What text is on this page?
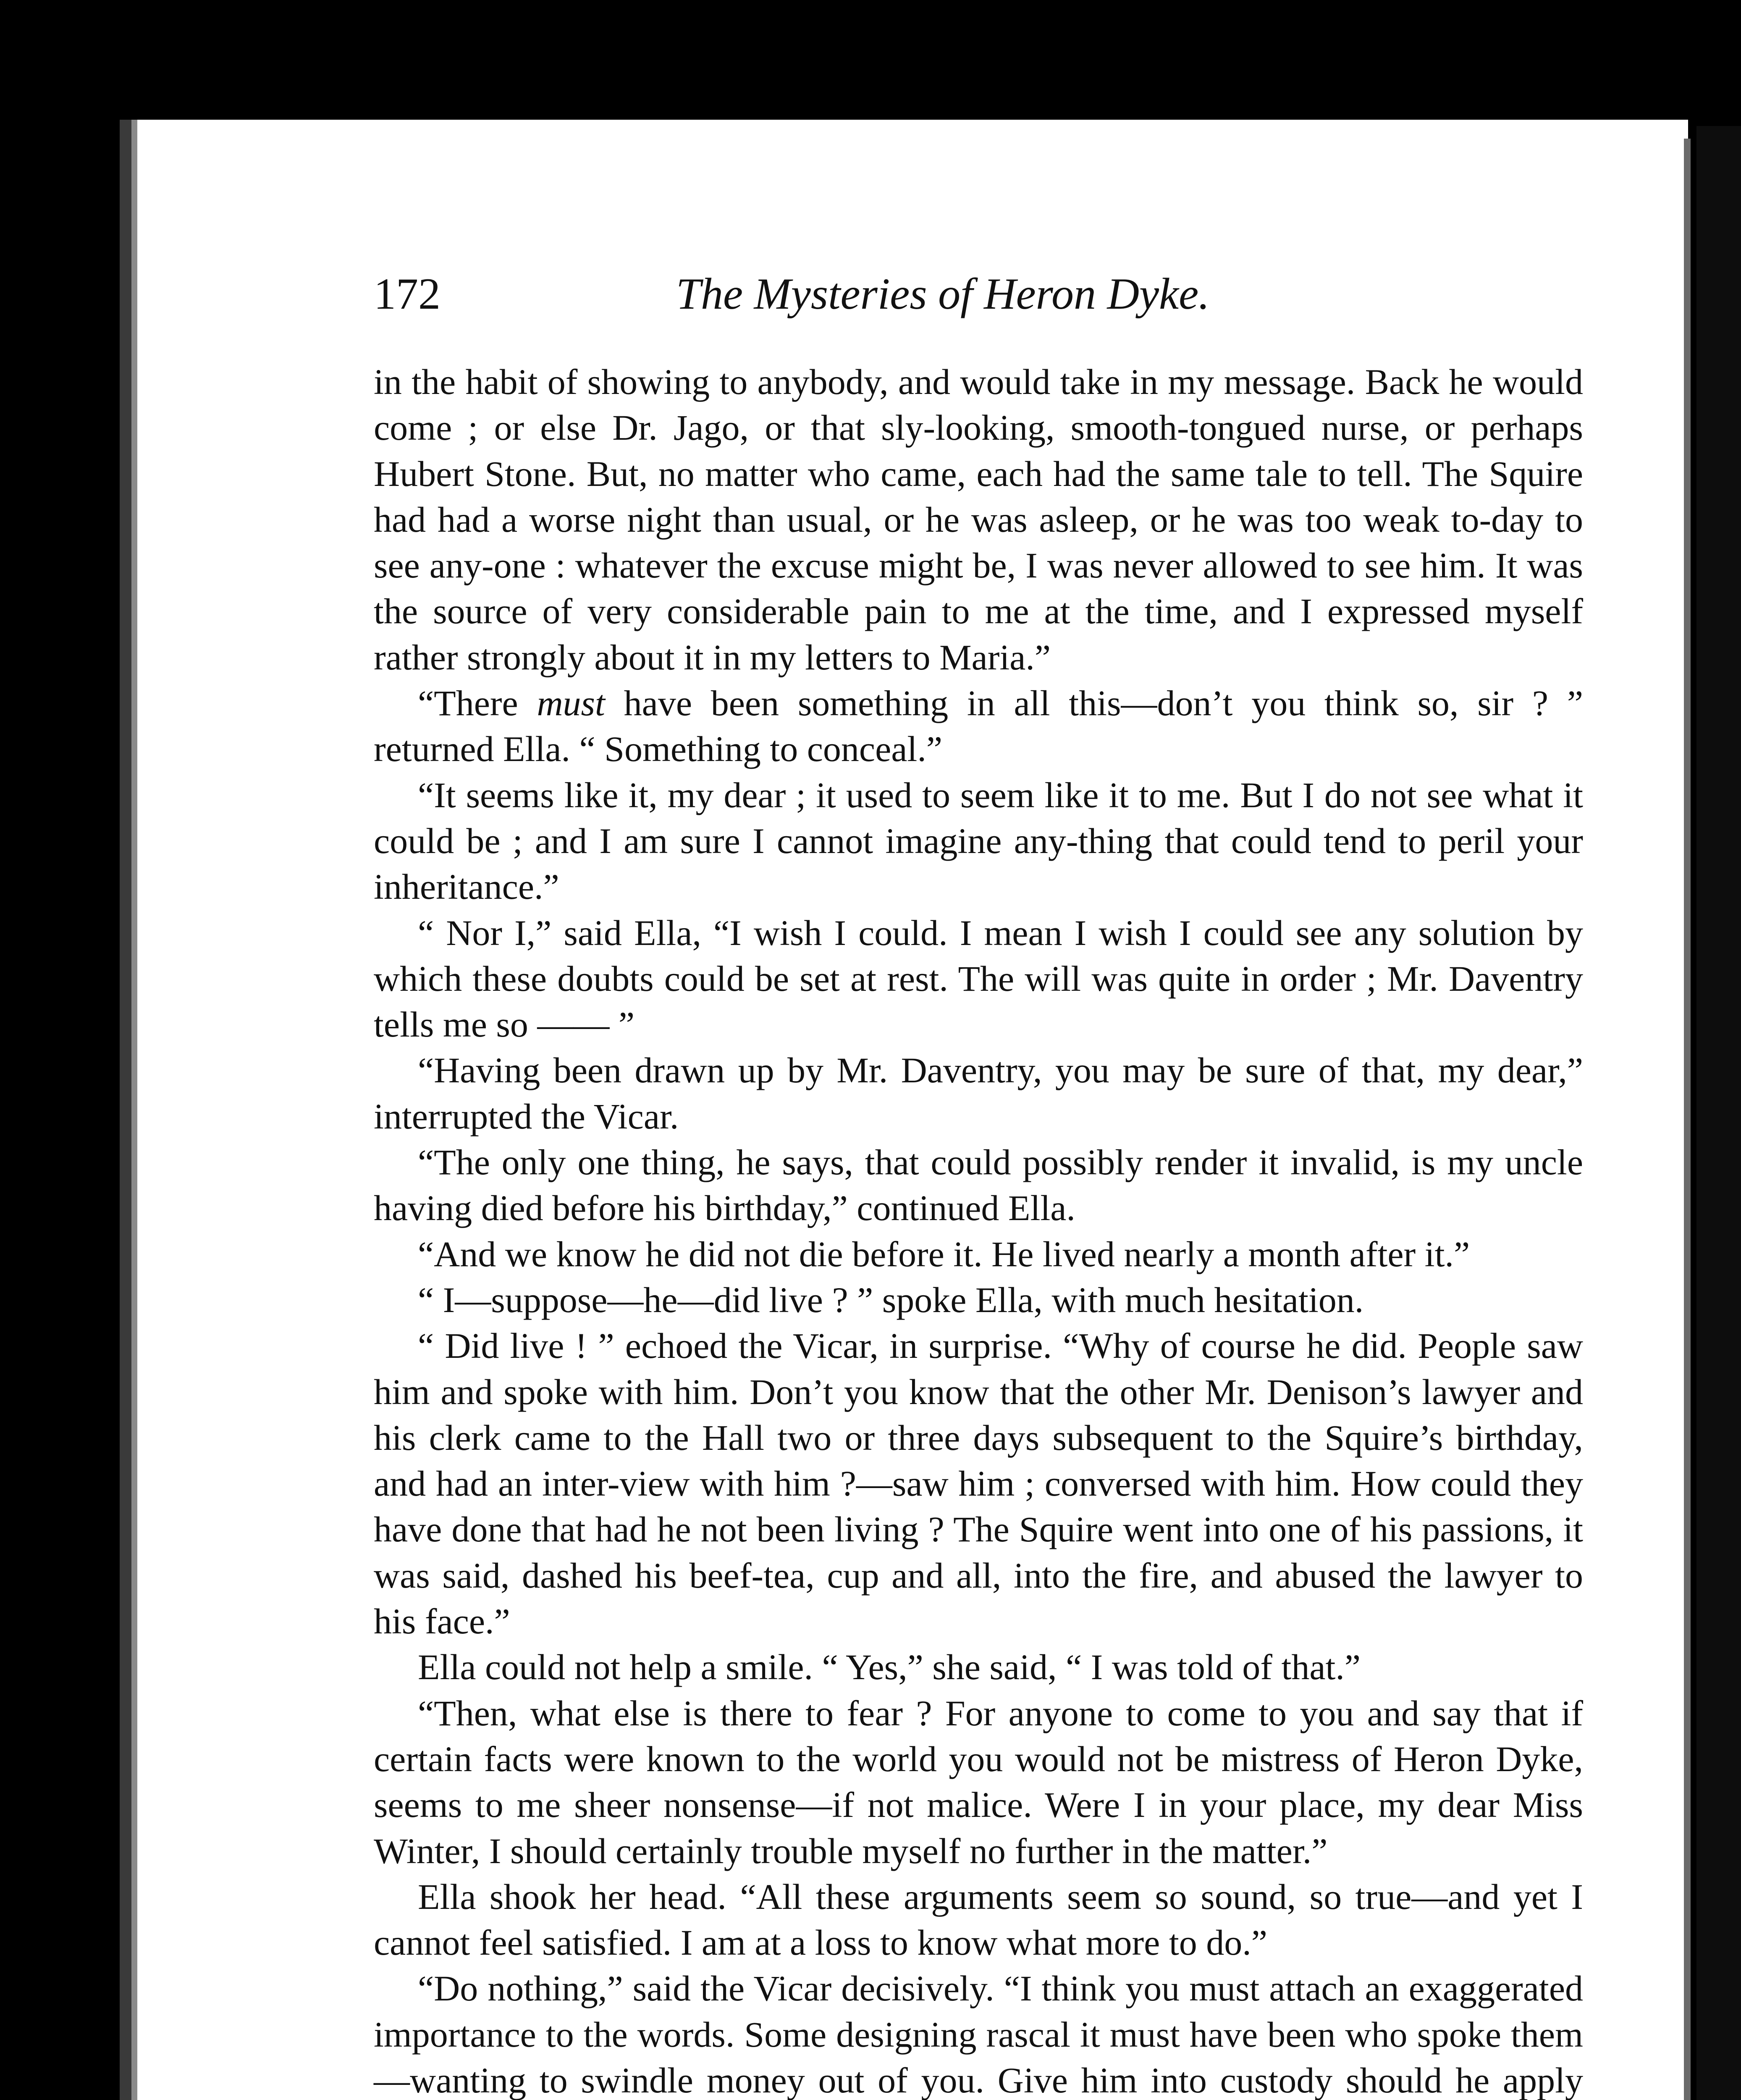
172	The Mysteries of Heron Dyke.

in the habit of showing to anybody, and would take in my message. Back he would come ; or else Dr. Jago, or that sly-looking, smooth-tongued nurse, or perhaps Hubert Stone. But, no matter who came, each had the same tale to tell. The Squire had had a worse night than usual, or he was asleep, or he was too weak to-day to see any-one : whatever the excuse might be, I was never allowed to see him. It was the source of very considerable pain to me at the time, and I expressed myself rather strongly about it in my letters to Maria.”

“There must have been something in all this—don’t you think so, sir ? ” returned Ella. “ Something to conceal.”

“It seems like it, my dear ; it used to seem like it to me. But I do not see what it could be ; and I am sure I cannot imagine any-thing that could tend to peril your inheritance.”

“ Nor I,” said Ella, “I wish I could. I mean I wish I could see any solution by which these doubts could be set at rest. The will was quite in order ; Mr. Daventry tells me so —— ”

“Having been drawn up by Mr. Daventry, you may be sure of that, my dear,” interrupted the Vicar.

“The only one thing, he says, that could possibly render it invalid, is my uncle having died before his birthday,” continued Ella.

“And we know he did not die before it. He lived nearly a month after it.”

“ I—suppose—he—did live ? ” spoke Ella, with much hesitation.

“ Did live ! ” echoed the Vicar, in surprise. “Why of course he did. People saw him and spoke with him. Don’t you know that the other Mr. Denison’s lawyer and his clerk came to the Hall two or three days subsequent to the Squire’s birthday, and had an inter-view with him ?—saw him ; conversed with him. How could they have done that had he not been living ? The Squire went into one of his passions, it was said, dashed his beef-tea, cup and all, into the fire, and abused the lawyer to his face.”

Ella could not help a smile. “ Yes,” she said, “ I was told of that.”

“Then, what else is there to fear ? For anyone to come to you and say that if certain facts were known to the world you would not be mistress of Heron Dyke, seems to me sheer nonsense—if not malice. Were I in your place, my dear Miss Winter, I should certainly trouble myself no further in the matter.”

Ella shook her head. “All these arguments seem so sound, so true—and yet I cannot feel satisfied. I am at a loss to know what more to do.”

“Do nothing,” said the Vicar decisively. “I think you must attach an exaggerated importance to the words. Some designing rascal it must have been who spoke them—wanting to swindle money out of you. Give him into custody should he apply
